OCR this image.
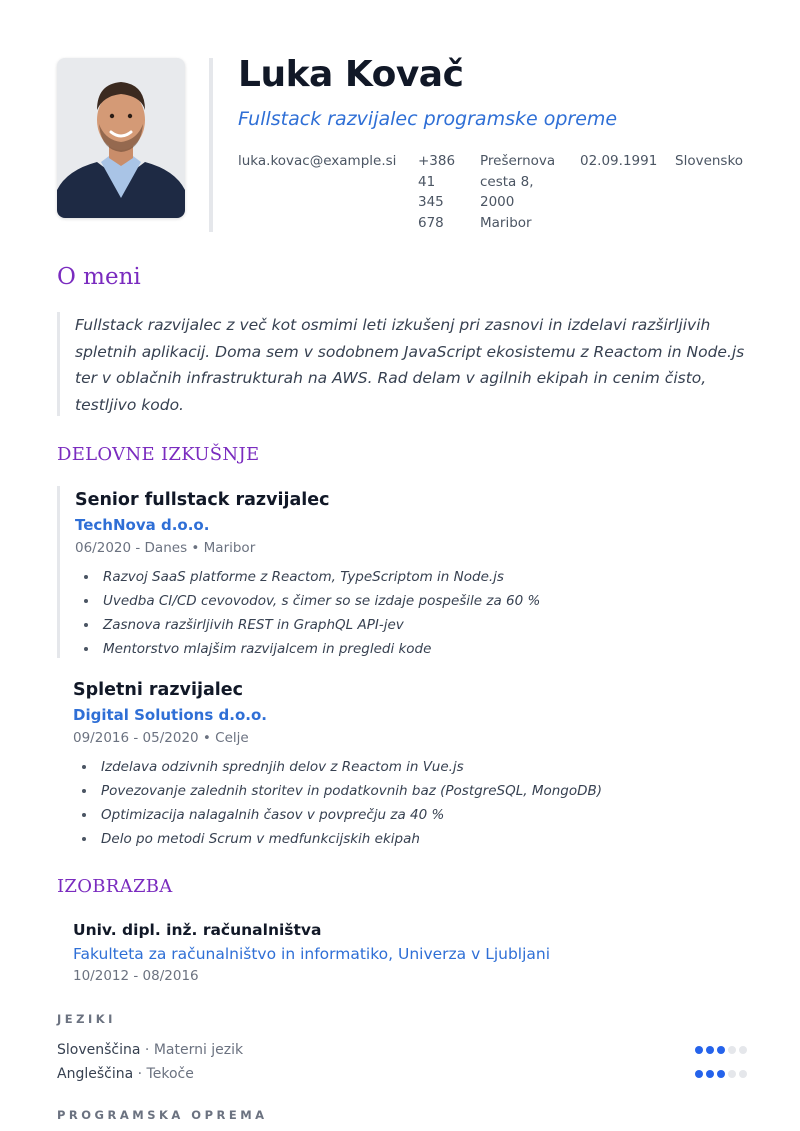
Luka Kovač

Fullstack razvijalec programske opreme

luka.kovac@example.si +386 41 345 678
Prešernova cesta 8, 2000 Maribor
02.09.1991 Slovensko
O meni

Fullstack razvijalec z več kot osmimi leti izkušenj pri zasnovi in izdelavi razširljivih spletnih aplikacij. Doma sem v sodobnem JavaScript ekosistemu z Reactom in Node.js ter v oblačnih infrastrukturah na AWS. Rad delam v agilnih ekipah in cenim čisto, testljivo kodo.

DELOVNE IZKUŠNJE
Senior fullstack razvijalec

TechNova d.o.o.

06/2020 - Danes • Maribor

Razvoj SaaS platforme z Reactom, TypeScriptom in Node.js
Uvedba CI/CD cevovodov, s čimer so se izdaje pospešile za 60 %
Zasnova razširljivih REST in GraphQL API-jev
Mentorstvo mlajšim razvijalcem in pregledi kode
Spletni razvijalec

Digital Solutions d.o.o.

09/2016 - 05/2020 • Celje

Izdelava odzivnih sprednjih delov z Reactom in Vue.js
Povezovanje zalednih storitev in podatkovnih baz (PostgreSQL, MongoDB)
Optimizacija nalagalnih časov v povprečju za 40 %
Delo po metodi Scrum v medfunkcijskih ekipah
IZOBRAZBA

Univ. dipl. inž. računalništva

Fakulteta za računalništvo in informatiko, Univerza v Ljubljani

10/2012 - 08/2016

JEZIKI
Slovenščina · Materni jezik
Angleščina · Tekoče
PROGRAMSKA OPREMA
